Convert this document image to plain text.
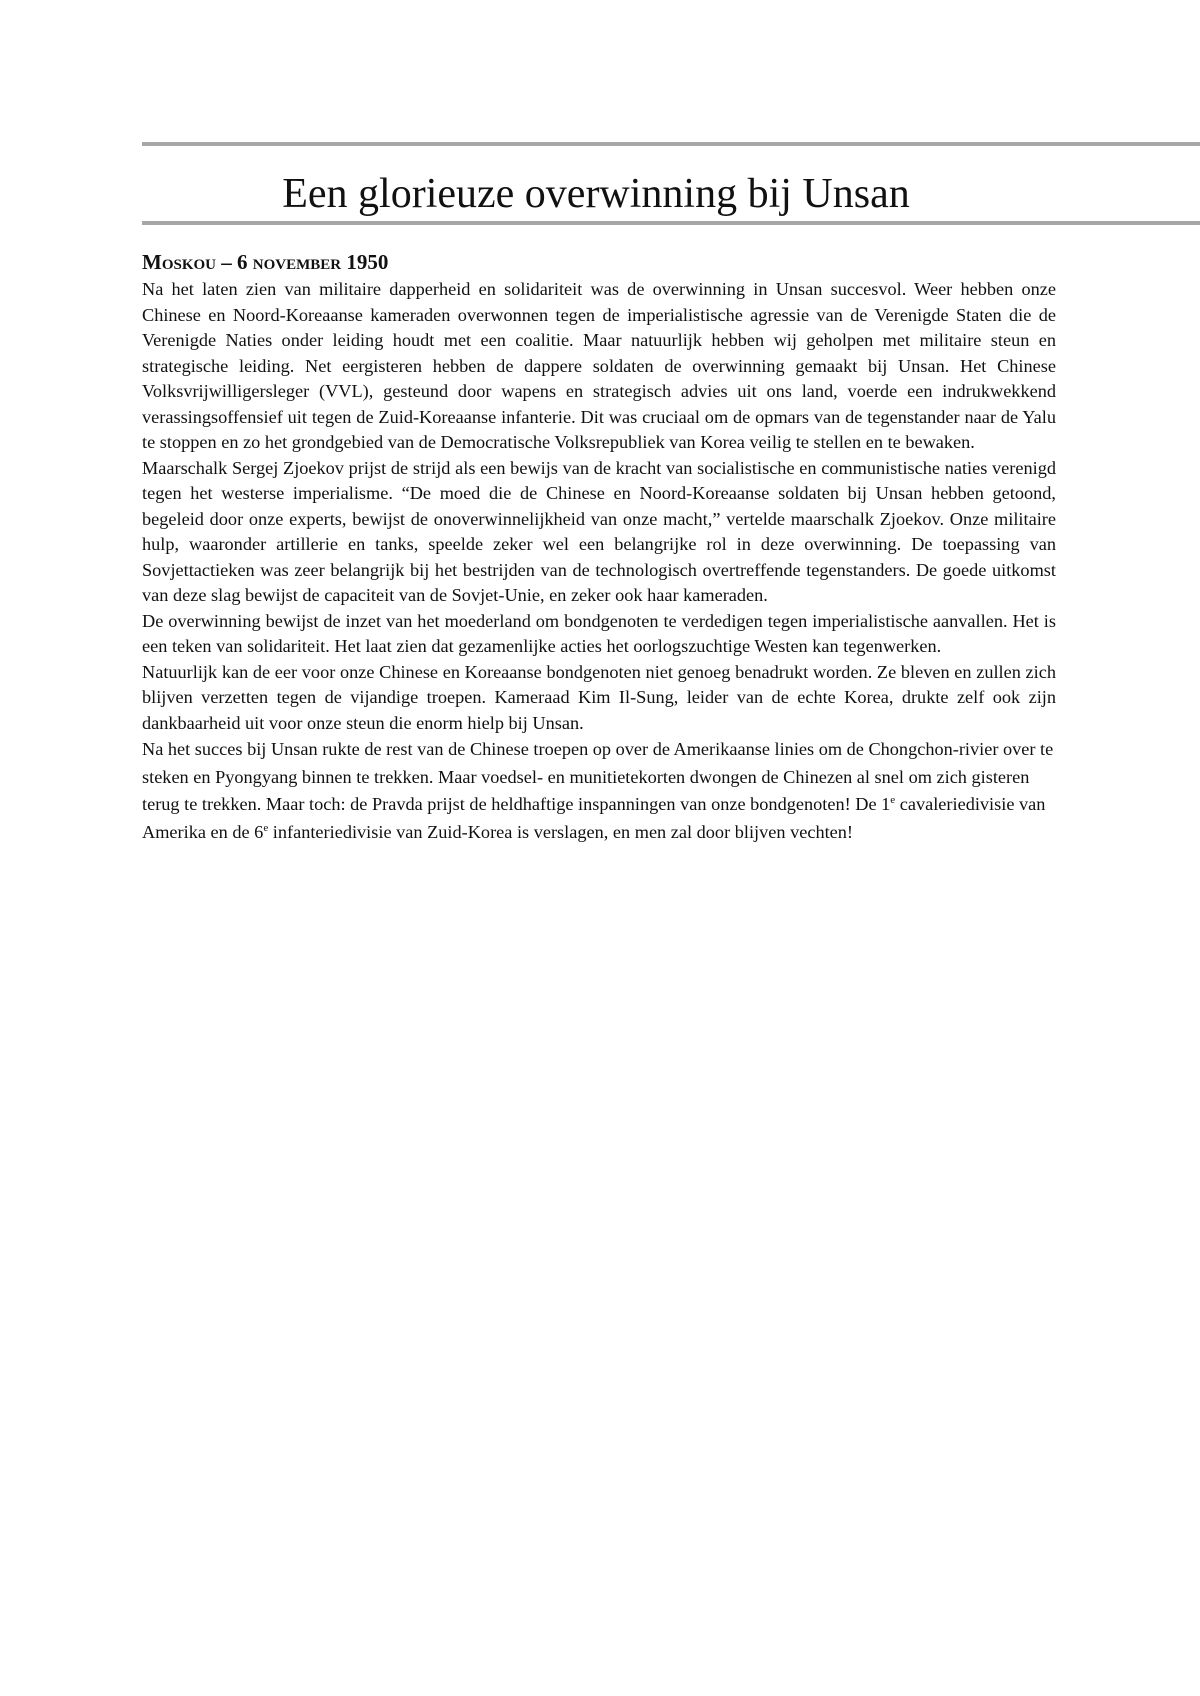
Een glorieuze overwinning bij Unsan
Moskou – 6 november 1950

Na het laten zien van militaire dapperheid en solidariteit was de overwinning in Unsan succesvol. Weer hebben onze Chinese en Noord-Koreaanse kameraden overwonnen tegen de imperialistische agressie van de Verenigde Staten die de Verenigde Naties onder leiding houdt met een coalitie. Maar natuurlijk hebben wij geholpen met militaire steun en strategische leiding. Net eergisteren hebben de dappere soldaten de overwinning gemaakt bij Unsan. Het Chinese Volksvrijwilligersleger (VVL), gesteund door wapens en strategisch advies uit ons land, voerde een indrukwekkend verassingsoffensief uit tegen de Zuid-Koreaanse infanterie. Dit was cruciaal om de opmars van de tegenstander naar de Yalu te stoppen en zo het grondgebied van de Democratische Volksrepubliek van Korea veilig te stellen en te bewaken.

Maarschalk Sergej Zjoekov prijst de strijd als een bewijs van de kracht van socialistische en communistische naties verenigd tegen het westerse imperialisme. “De moed die de Chinese en Noord-Koreaanse soldaten bij Unsan hebben getoond, begeleid door onze experts, bewijst de onoverwinnelijkheid van onze macht,” vertelde maarschalk Zjoekov. Onze militaire hulp, waaronder artillerie en tanks, speelde zeker wel een belangrijke rol in deze overwinning. De toepassing van Sovjettactieken was zeer belangrijk bij het bestrijden van de technologisch overtreffende tegenstanders. De goede uitkomst van deze slag bewijst de capaciteit van de Sovjet-Unie, en zeker ook haar kameraden.

De overwinning bewijst de inzet van het moederland om bondgenoten te verdedigen tegen imperialistische aanvallen. Het is een teken van solidariteit. Het laat zien dat gezamenlijke acties het oorlogszuchtige Westen kan tegenwerken.

Natuurlijk kan de eer voor onze Chinese en Koreaanse bondgenoten niet genoeg benadrukt worden. Ze bleven en zullen zich blijven verzetten tegen de vijandige troepen. Kameraad Kim Il-Sung, leider van de echte Korea, drukte zelf ook zijn dankbaarheid uit voor onze steun die enorm hielp bij Unsan.

Na het succes bij Unsan rukte de rest van de Chinese troepen op over de Amerikaanse linies om de Chongchon-rivier over te steken en Pyongyang binnen te trekken. Maar voedsel- en munitietekorten dwongen de Chinezen al snel om zich gisteren terug te trekken. Maar toch: de Pravda prijst de heldhaftige inspanningen van onze bondgenoten! De 1e cavaleriedivisie van Amerika en de 6e infanteriedivisie van Zuid-Korea is verslagen, en men zal door blijven vechten!
